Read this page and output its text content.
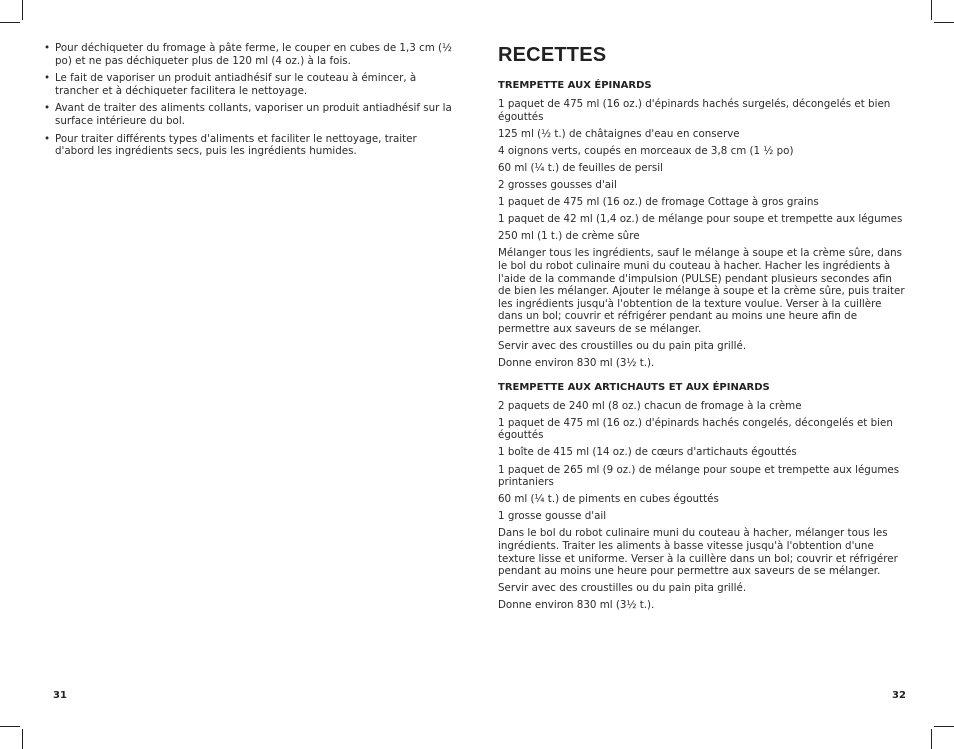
• Pour déchiqueter du fromage à pâte ferme, le couper en cubes de 1,3 cm (½ po) et ne pas déchiqueter plus de 120 ml (4 oz.) à la fois.
• Le fait de vaporiser un produit antiadhésif sur le couteau à émincer, à trancher et à déchiqueter facilitera le nettoyage.
• Avant de traiter des aliments collants, vaporiser un produit antiadhésif sur la surface intérieure du bol.
• Pour traiter différents types d'aliments et faciliter le nettoyage, traiter d'abord les ingrédients secs, puis les ingrédients humides.
31
RECETTES
TREMPETTE AUX ÉPINARDS

1 paquet de 475 ml (16 oz.) d'épinards hachés surgelés, décongelés et bien égouttés

125 ml (½ t.) de châtaignes d'eau en conserve

4 oignons verts, coupés en morceaux de 3,8 cm (1 ½ po)

60 ml (¼ t.) de feuilles de persil

2 grosses gousses d'ail

1 paquet de 475 ml (16 oz.) de fromage Cottage à gros grains

1 paquet de 42 ml (1,4 oz.) de mélange pour soupe et trempette aux légumes

250 ml (1 t.) de crème sûre

Mélanger tous les ingrédients, sauf le mélange à soupe et la crème sûre, dans le bol du robot culinaire muni du couteau à hacher. Hacher les ingrédients à l'aide de la commande d'impulsion (PULSE) pendant plusieurs secondes afin de bien les mélanger. Ajouter le mélange à soupe et la crème sûre, puis traiter les ingrédients jusqu'à l'obtention de la texture voulue. Verser à la cuillère dans un bol; couvrir et réfrigérer pendant au moins une heure afin de permettre aux saveurs de se mélanger.

Servir avec des croustilles ou du pain pita grillé.

Donne environ 830 ml (3½ t.).

TREMPETTE AUX ARTICHAUTS ET AUX ÉPINARDS

2 paquets de 240 ml (8 oz.) chacun de fromage à la crème

1 paquet de 475 ml (16 oz.) d'épinards hachés congelés, décongelés et bien égouttés

1 boîte de 415 ml (14 oz.) de cœurs d'artichauts égouttés

1 paquet de 265 ml (9 oz.) de mélange pour soupe et trempette aux légumes printaniers

60 ml (¼ t.) de piments en cubes égouttés

1 grosse gousse d'ail

Dans le bol du robot culinaire muni du couteau à hacher, mélanger tous les ingrédients. Traiter les aliments à basse vitesse jusqu'à l'obtention d'une texture lisse et uniforme. Verser à la cuillère dans un bol; couvrir et réfrigérer pendant au moins une heure pour permettre aux saveurs de se mélanger.

Servir avec des croustilles ou du pain pita grillé.

Donne environ 830 ml (3½ t.).

32
